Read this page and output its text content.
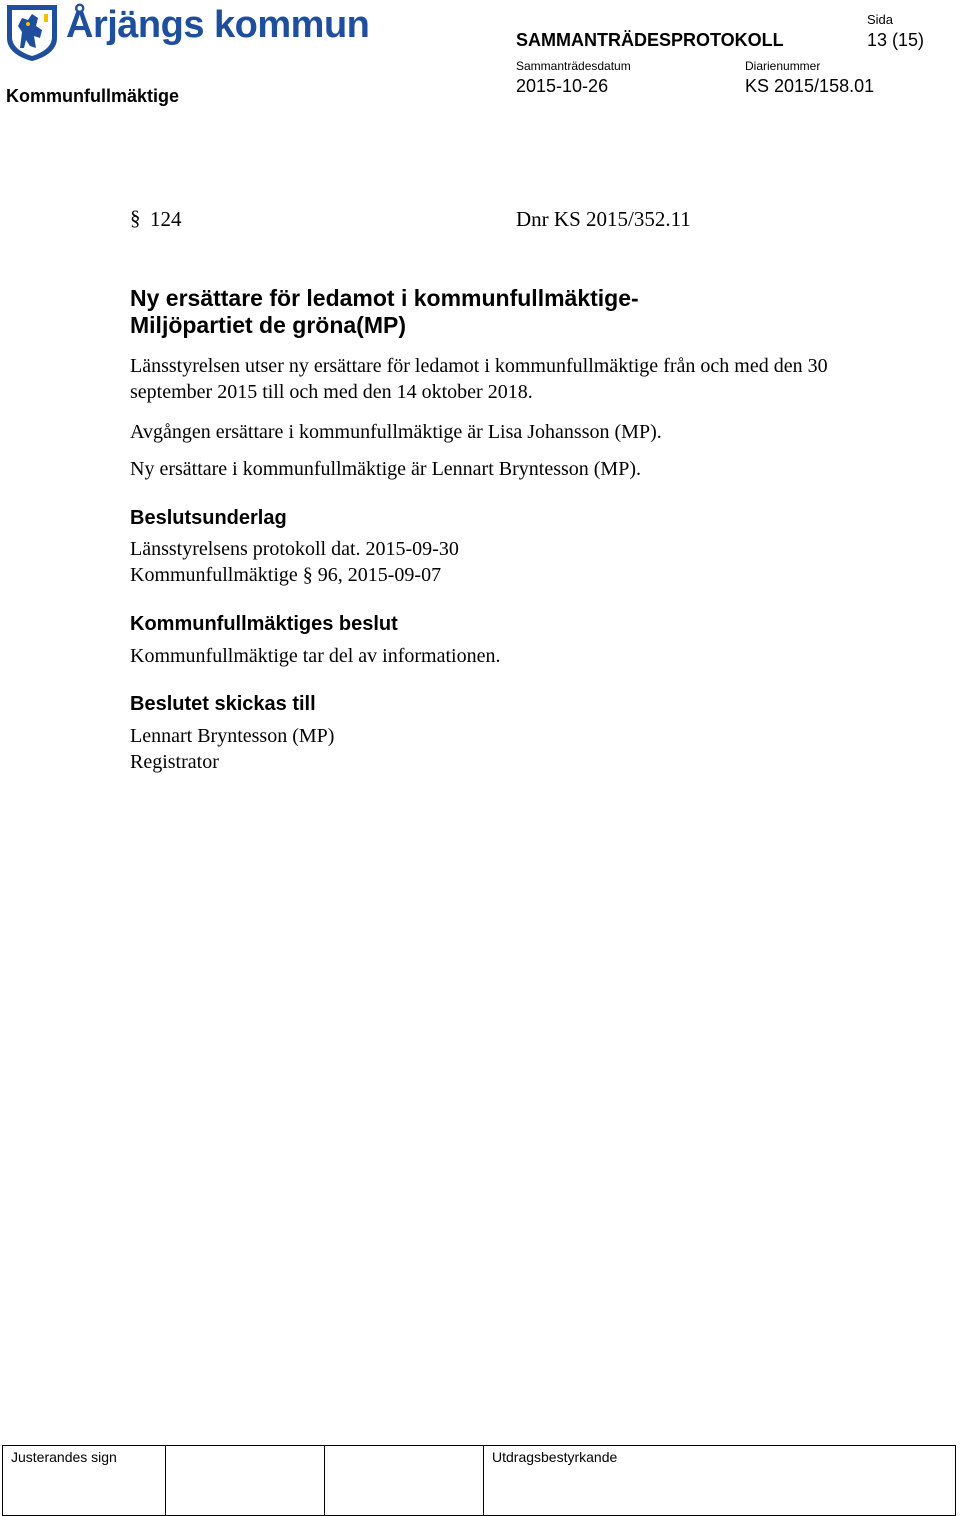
Årjängs kommun	SAMMANTRÄDESPROTOKOLL
Sida
13 (15)
Kommunfullmäktige
Sammanträdesdatum
2015-10-26
Diarienummer
KS 2015/158.01
§ 124	Dnr KS 2015/352.11
Ny ersättare för ledamot i kommunfullmäktige-
Miljöpartiet de gröna(MP)
Länsstyrelsen utser ny ersättare för ledamot i kommunfullmäktige från och med den 30 september 2015 till och med den 14 oktober 2018.
Avgången ersättare i kommunfullmäktige är Lisa Johansson (MP).
Ny ersättare i kommunfullmäktige är Lennart Bryntesson (MP).
Beslutsunderlag
Länsstyrelsens protokoll dat. 2015-09-30
Kommunfullmäktige § 96, 2015-09-07
Kommunfullmäktiges beslut
Kommunfullmäktige tar del av informationen.
Beslutet skickas till
Lennart Bryntesson (MP)
Registrator
Justerandes sign			Utdragsbestyrkande
